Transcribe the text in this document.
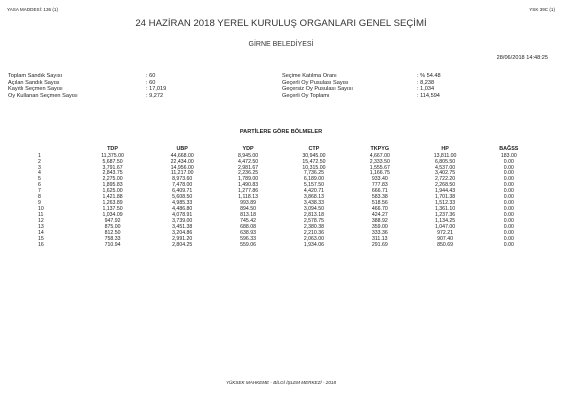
YASA MADDESİ: 136 (1)	YSK 39C (1)
24 HAZİRAN 2018 YEREL KURULUŞ ORGANLARI GENEL SEÇİMİ
GİRNE BELEDİYESİ
28/06/2018 14:48:25
Toplam Sandık Sayısı	: 60
Açılan Sandık Sayısı	: 60
Kayıtlı Seçmen Sayısı	: 17,019
Oy Kullanan Seçmen Sayısı	: 9,272
Seçime Katılma Oranı	: % 54.48
Geçerli Oy Pusulası Sayısı	: 8,238
Geçersiz Oy Pusulası Sayısı	: 1,034
Geçerli Oy Toplamı	: 114,594
PARTİLERE GÖRE BÖLMELER
	TDP	UBP	YDP	CTP	TKPYG	HP	BAĞSS
1	11,375.00	44,668.00	8,945.00	30,945.00	4,667.00	13,811.00	183.00
2	5,687.50	22,434.00	4,472.50	15,472.50	2,333.50	6,805.50	0.00
3	3,791.67	14,956.00	2,981.67	10,315.00	1,555.67	4,537.00	0.00
4	2,843.75	11,217.00	2,236.25	7,736.25	1,166.75	3,402.75	0.00
5	2,275.00	8,973.60	1,789.00	6,189.00	933.40	2,722.20	0.00
6	1,895.83	7,478.00	1,490.83	5,157.50	777.83	2,268.50	0.00
7	1,625.00	6,409.71	1,277.86	4,420.71	666.71	1,944.43	0.00
8	1,421.88	5,608.50	1,118.13	3,868.13	583.38	1,701.38	0.00
9	1,263.89	4,985.33	993.89	3,438.33	518.56	1,512.33	0.00
10	1,137.50	4,486.80	894.50	3,094.50	466.70	1,361.10	0.00
11	1,034.09	4,078.91	813.18	2,813.18	424.27	1,237.36	0.00
12	947.92	3,739.00	745.42	2,578.75	388.92	1,134.25	0.00
13	875.00	3,451.38	688.08	2,380.38	359.00	1,047.00	0.00
14	812.50	3,204.86	638.93	2,210.36	333.36	972.21	0.00
15	758.33	2,991.20	596.33	2,063.00	311.13	907.40	0.00
16	710.94	2,804.25	559.06	1,934.06	291.69	850.69	0.00
YÜKSEK MAHKEME - BİLGİ İŞLEM MERKEZİ - 2018
